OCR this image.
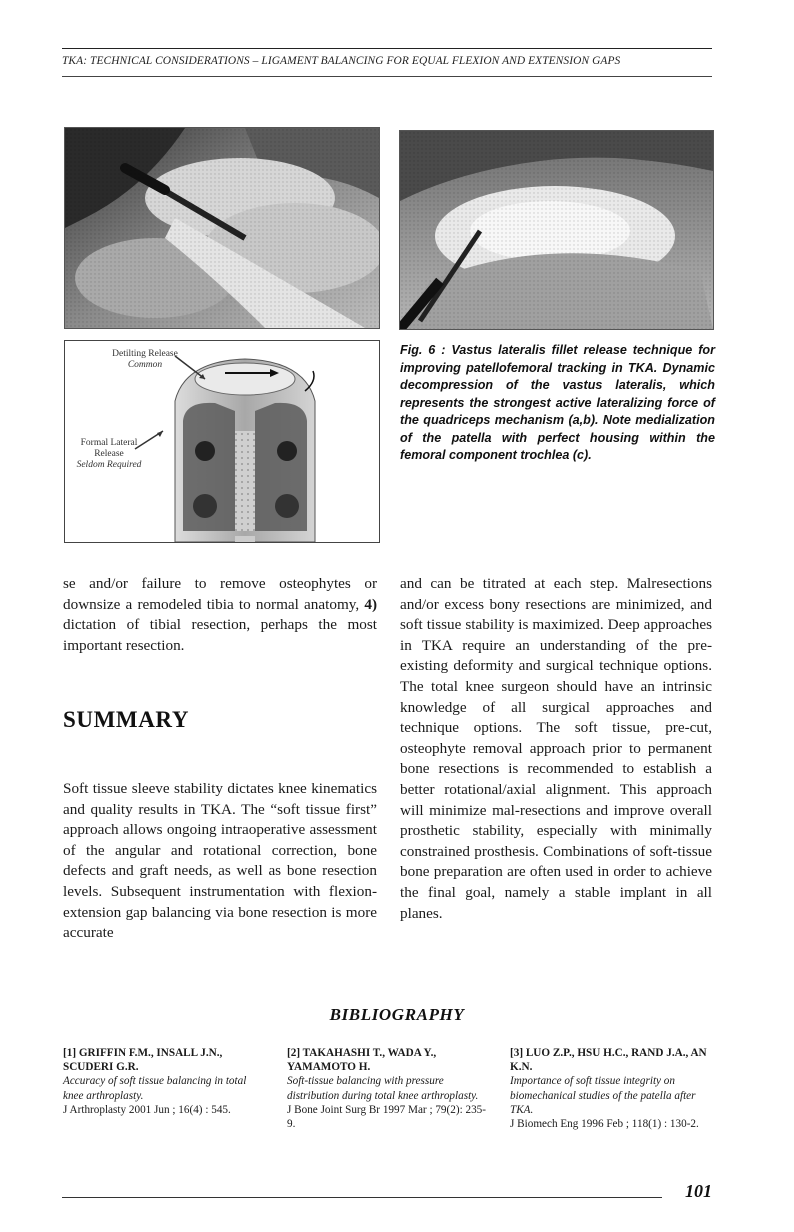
TKA: TECHNICAL CONSIDERATIONS – LIGAMENT BALANCING FOR EQUAL FLEXION AND EXTENSION GAPS
Detilting Release
Common
Formal Lateral
Release
Seldom Required
Fig. 6 : Vastus lateralis fillet release technique for improving patellofemoral tracking in TKA. Dynamic decompression of the vastus lateralis, which represents the strongest active lateralizing force of the quadriceps mechanism (a,b). Note medialization of the patella with perfect housing within the femoral component trochlea (c).

se and/or failure to remove osteophytes or downsize a remodeled tibia to normal anatomy, 4) dictation of tibial resection, perhaps the most important resection.

SUMMARY

Soft tissue sleeve stability dictates knee kinematics and quality results in TKA. The “soft tissue first” approach allows ongoing intraoperative assessment of the angular and rotational correction, bone defects and graft needs, as well as bone resection levels. Subsequent instrumentation with flexion-extension gap balancing via bone resection is more accurate

and can be titrated at each step. Malresections and/or excess bony resections are minimized, and soft tissue stability is maximized. Deep approaches in TKA require an understanding of the pre-existing deformity and surgical technique options. The total knee surgeon should have an intrinsic knowledge of all surgical approaches and technique options. The soft tissue, pre-cut, osteophyte removal approach prior to permanent bone resections is recommended to establish a better rotational/axial alignment. This approach will minimize mal-resections and improve overall prosthetic stability, especially with minimally constrained prosthesis. Combinations of soft-tissue bone preparation are often used in order to achieve the final goal, namely a stable implant in all planes.

BIBLIOGRAPHY
[1] GRIFFIN F.M., INSALL J.N., SCUDERI G.R.
Accuracy of soft tissue balancing in total knee arthroplasty.
J Arthroplasty 2001 Jun ; 16(4) : 545.
[2] TAKAHASHI T., WADA Y., YAMAMOTO H.
Soft-tissue balancing with pressure distribution during total knee arthroplasty.
J Bone Joint Surg Br 1997 Mar ; 79(2): 235-9.
[3] LUO Z.P., HSU H.C., RAND J.A., AN K.N.
Importance of soft tissue integrity on biomechanical studies of the patella after TKA.
J Biomech Eng 1996 Feb ; 118(1) : 130-2.
101
